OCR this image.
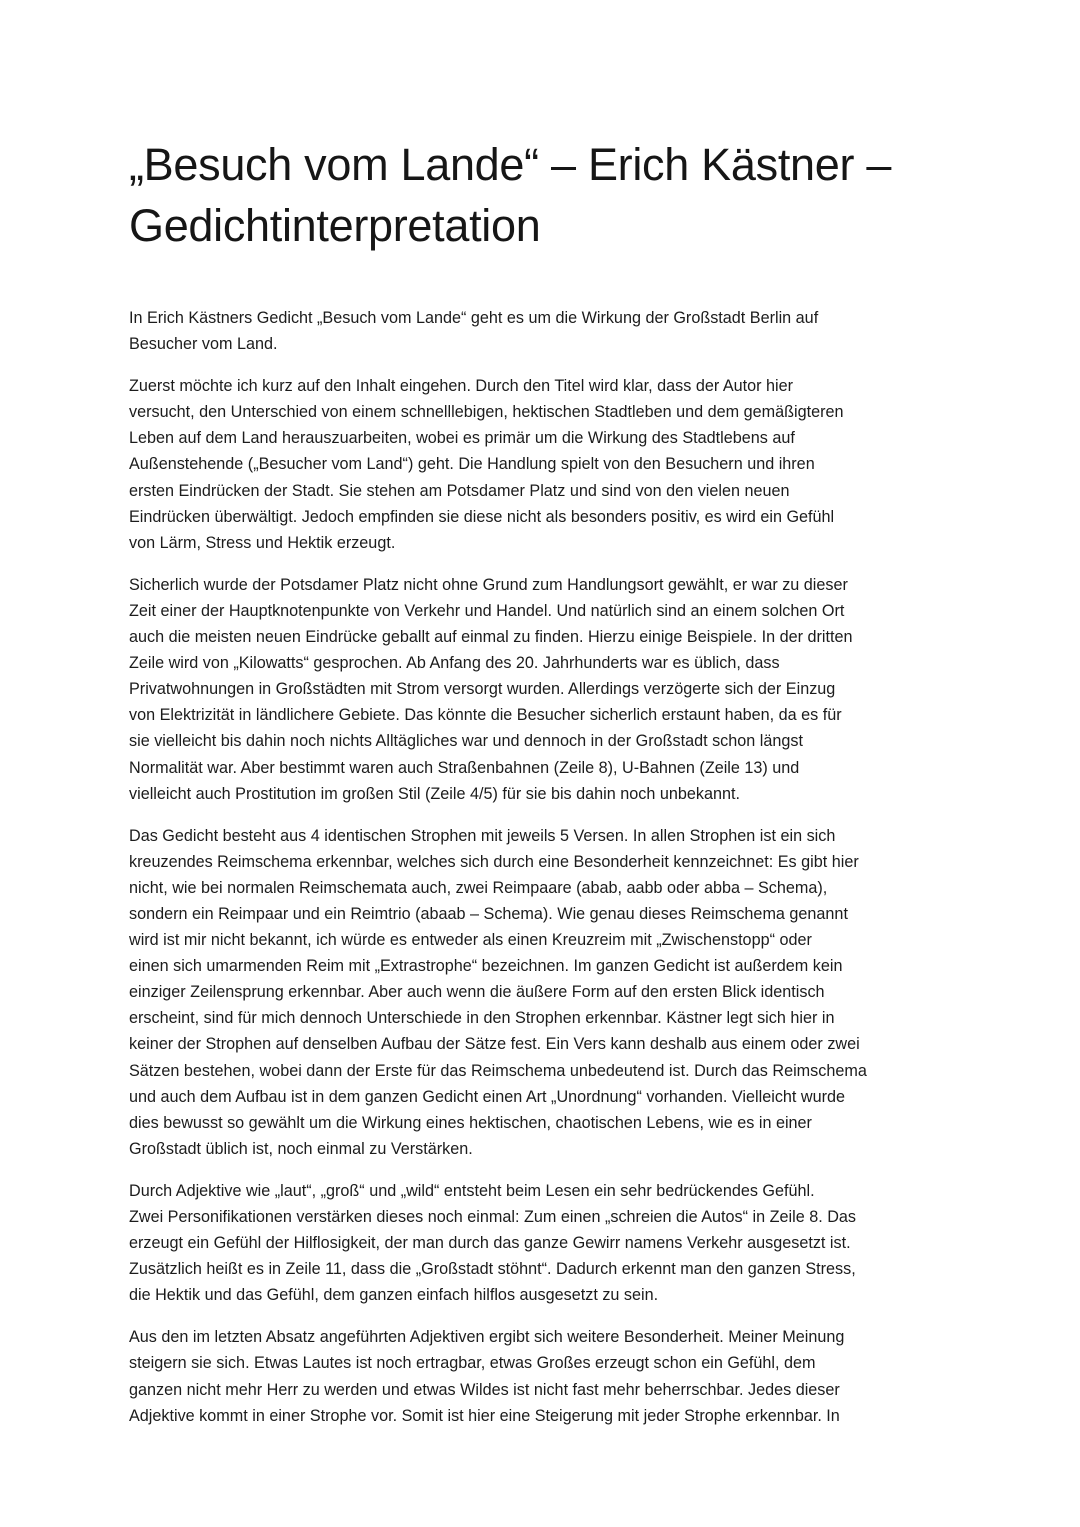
„Besuch vom Lande“ – Erich Kästner –
Gedichtinterpretation

In Erich Kästners Gedicht „Besuch vom Lande“ geht es um die Wirkung der Großstadt Berlin auf
Besucher vom Land.

Zuerst möchte ich kurz auf den Inhalt eingehen. Durch den Titel wird klar, dass der Autor hier
versucht, den Unterschied von einem schnelllebigen, hektischen Stadtleben und dem gemäßigteren
Leben auf dem Land herauszuarbeiten, wobei es primär um die Wirkung des Stadtlebens auf
Außenstehende („Besucher vom Land“) geht. Die Handlung spielt von den Besuchern und ihren
ersten Eindrücken der Stadt. Sie stehen am Potsdamer Platz und sind von den vielen neuen
Eindrücken überwältigt. Jedoch empfinden sie diese nicht als besonders positiv, es wird ein Gefühl
von Lärm, Stress und Hektik erzeugt.

Sicherlich wurde der Potsdamer Platz nicht ohne Grund zum Handlungsort gewählt, er war zu dieser
Zeit einer der Hauptknotenpunkte von Verkehr und Handel. Und natürlich sind an einem solchen Ort
auch die meisten neuen Eindrücke geballt auf einmal zu finden. Hierzu einige Beispiele. In der dritten
Zeile wird von „Kilowatts“ gesprochen. Ab Anfang des 20. Jahrhunderts war es üblich, dass
Privatwohnungen in Großstädten mit Strom versorgt wurden. Allerdings verzögerte sich der Einzug
von Elektrizität in ländlichere Gebiete. Das könnte die Besucher sicherlich erstaunt haben, da es für
sie vielleicht bis dahin noch nichts Alltägliches war und dennoch in der Großstadt schon längst
Normalität war. Aber bestimmt waren auch Straßenbahnen (Zeile 8), U-Bahnen (Zeile 13) und
vielleicht auch Prostitution im großen Stil (Zeile 4/5) für sie bis dahin noch unbekannt.

Das Gedicht besteht aus 4 identischen Strophen mit jeweils 5 Versen. In allen Strophen ist ein sich
kreuzendes Reimschema erkennbar, welches sich durch eine Besonderheit kennzeichnet: Es gibt hier
nicht, wie bei normalen Reimschemata auch, zwei Reimpaare (abab, aabb oder abba – Schema),
sondern ein Reimpaar und ein Reimtrio (abaab – Schema). Wie genau dieses Reimschema genannt
wird ist mir nicht bekannt, ich würde es entweder als einen Kreuzreim mit „Zwischenstopp“ oder
einen sich umarmenden Reim mit „Extrastrophe“ bezeichnen. Im ganzen Gedicht ist außerdem kein
einziger Zeilensprung erkennbar. Aber auch wenn die äußere Form auf den ersten Blick identisch
erscheint, sind für mich dennoch Unterschiede in den Strophen erkennbar. Kästner legt sich hier in
keiner der Strophen auf denselben Aufbau der Sätze fest. Ein Vers kann deshalb aus einem oder zwei
Sätzen bestehen, wobei dann der Erste für das Reimschema unbedeutend ist. Durch das Reimschema
und auch dem Aufbau ist in dem ganzen Gedicht einen Art „Unordnung“ vorhanden. Vielleicht wurde
dies bewusst so gewählt um die Wirkung eines hektischen, chaotischen Lebens, wie es in einer
Großstadt üblich ist, noch einmal zu Verstärken.

Durch Adjektive wie „laut“, „groß“ und „wild“ entsteht beim Lesen ein sehr bedrückendes Gefühl.
Zwei Personifikationen verstärken dieses noch einmal: Zum einen „schreien die Autos“ in Zeile 8. Das
erzeugt ein Gefühl der Hilflosigkeit, der man durch das ganze Gewirr namens Verkehr ausgesetzt ist.
Zusätzlich heißt es in Zeile 11, dass die „Großstadt stöhnt“. Dadurch erkennt man den ganzen Stress,
die Hektik und das Gefühl, dem ganzen einfach hilflos ausgesetzt zu sein.

Aus den im letzten Absatz angeführten Adjektiven ergibt sich weitere Besonderheit. Meiner Meinung
steigern sie sich. Etwas Lautes ist noch ertragbar, etwas Großes erzeugt schon ein Gefühl, dem
ganzen nicht mehr Herr zu werden und etwas Wildes ist nicht fast mehr beherrschbar. Jedes dieser
Adjektive kommt in einer Strophe vor. Somit ist hier eine Steigerung mit jeder Strophe erkennbar. In
